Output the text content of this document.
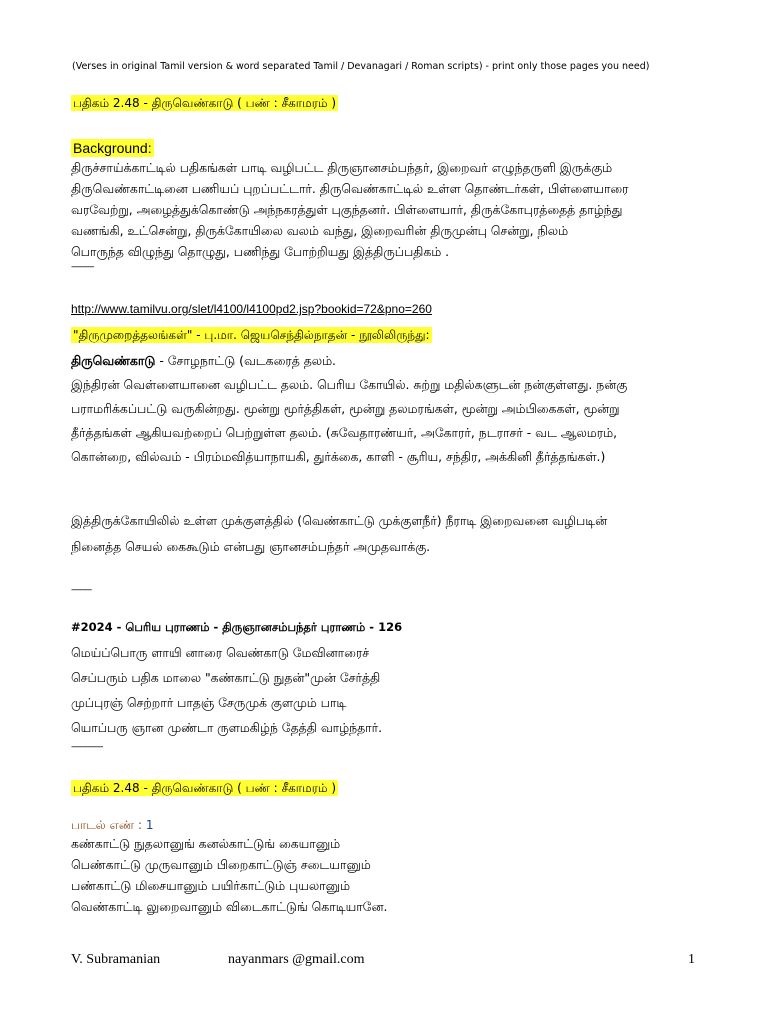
(Verses in original Tamil version & word separated Tamil / Devanagari / Roman scripts) - print only those pages you need)
பதிகம் 2.48 - திருவெண்காடு ( பண் : சீகாமரம் )
Background:
திருச்சாய்க்காட்டில் பதிகங்கள் பாடி வழிபட்ட திருஞானசம்பந்தர், இறைவர் எழுந்தருளி இருக்கும்
திருவெண்காட்டினை பணியப் புறப்பட்டார். திருவெண்காட்டில் உள்ள தொண்டர்கள், பிள்ளையாரை
வரவேற்று, அழைத்துக்கொண்டு அந்நகரத்துள் புகுந்தனர். பிள்ளையார், திருக்கோபுரத்தைத் தாழ்ந்து
வணங்கி, உட்சென்று, திருக்கோயிலை வலம் வந்து, இறைவரின் திருமுன்பு சென்று, நிலம்
பொருந்த விழுந்து தொழுது, பணிந்து போற்றியது இத்திருப்பதிகம் .
----------
http://www.tamilvu.org/slet/l4100/l4100pd2.jsp?bookid=72&pno=260
"திருமுறைத்தலங்கள்" - பு.மா. ஜெயசெந்தில்நாதன் - நூலிலிருந்து:
திருவெண்காடு - சோழநாட்டு (வடகரைத் தலம்.
இந்திரன் வெள்ளையானை வழிபட்ட தலம். பெரிய கோயில். சுற்று மதில்களுடன் நன்குள்ளது. நன்கு
பராமரிக்கப்பட்டு வருகின்றது. மூன்று மூர்த்திகள், மூன்று தலமரங்கள், மூன்று அம்பிகைகள், மூன்று
தீர்த்தங்கள் ஆகியவற்றைப் பெற்றுள்ள தலம். (சுவேதாரண்யர், அகோரர், நடராசர் - வட ஆலமரம்,
கொன்றை, வில்வம் - பிரம்மவித்யாநாயகி, துர்க்கை, காளி - சூரிய, சந்திர, அக்கினி தீர்த்தங்கள்.)
இத்திருக்கோயிலில் உள்ள முக்குளத்தில் (வெண்காட்டு முக்குளநீர்) நீராடி இறைவனை வழிபடின்
நினைத்த செயல் கைகூடும் என்பது ஞானசம்பந்தர் அமுதவாக்கு.
---------
#2024 - பெரிய புராணம் - திருஞானசம்பந்தர் புராணம் - 126
மெய்ப்பொரு ளாயி னாரை வெண்காடு மேவினாரைச்
செப்பரும் பதிக மாலை "கண்காட்டு நுதன்"முன் சேர்த்தி
முப்புரஞ் செற்றார் பாதஞ் சேருமுக் குளமும் பாடி
யொப்பரு ஞான முண்டா ருளமகிழ்ந் தேத்தி வாழ்ந்தார்.
--------------
பதிகம் 2.48 - திருவெண்காடு ( பண் : சீகாமரம் )
பாடல் எண் : 1
கண்காட்டு நுதலானுங் கனல்காட்டுங் கையானும்
பெண்காட்டு முருவானும் பிறைகாட்டுஞ் சடையானும்
பண்காட்டு மிசையானும் பயிர்காட்டும் புயலானும்
வெண்காட்டி லுறைவானும் விடைகாட்டுங் கொடியானே.
V. Subramanian	nayanmars @gmail.com	1
